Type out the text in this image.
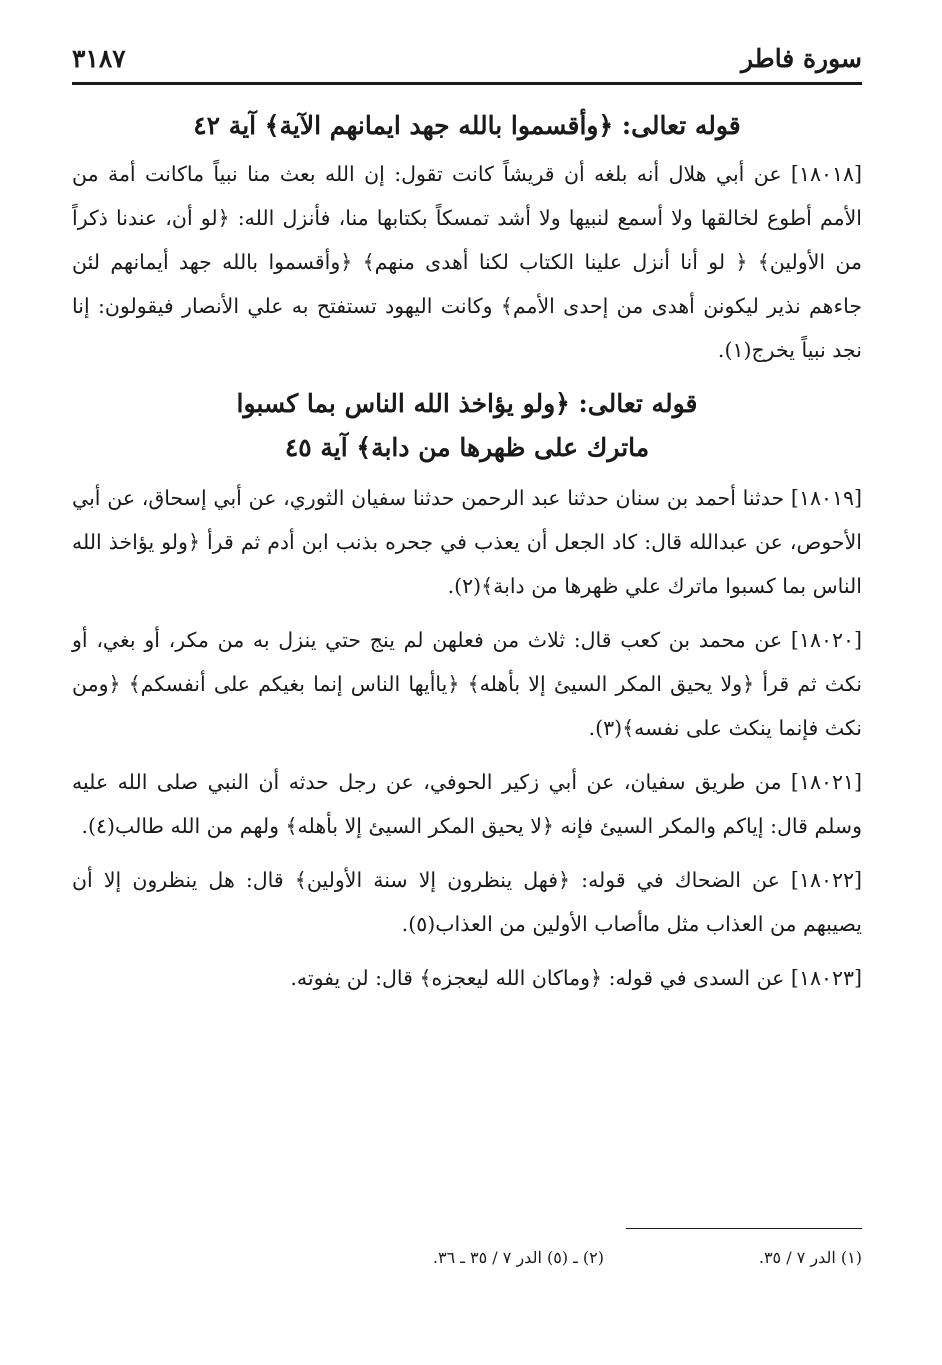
سورة فاطر
٣١٨٧
قوله تعالى: ﴿وأقسموا بالله جهد ايمانهم الآية﴾ آية ٤٢

[١٨٠١٨] عن أبي هلال أنه بلغه أن قريشاً كانت تقول: إن الله بعث منا نبياً ماكانت أمة من الأمم أطوع لخالقها ولا أسمع لنبيها ولا أشد تمسكاً بكتابها منا، فأنزل الله: ﴿لو أن، عندنا ذكراً من الأولين﴾ ﴿ لو أنا أنزل علينا الكتاب لكنا أهدى منهم﴾ ﴿وأقسموا بالله جهد أيمانهم لئن جاءهم نذير ليكونن أهدى من إحدى الأمم﴾ وكانت اليهود تستفتح به علي الأنصار فيقولون: إنا نجد نبياً يخرج(١).

قوله تعالى: ﴿ولو يؤاخذ الله الناس بما كسبوا
ماترك على ظهرها من دابة﴾ آية ٤٥

[١٨٠١٩] حدثنا أحمد بن سنان حدثنا عبد الرحمن حدثنا سفيان الثوري، عن أبي إسحاق، عن أبي الأحوص، عن عبدالله قال: كاد الجعل أن يعذب في جحره بذنب ابن أدم ثم قرأ ﴿ولو يؤاخذ الله الناس بما كسبوا ماترك علي ظهرها من دابة﴾(٢).

[١٨٠٢٠] عن محمد بن كعب قال: ثلاث من فعلهن لم ينج حتي ينزل به من مكر، أو بغي، أو نكث ثم قرأ ﴿ولا يحيق المكر السيئ إلا بأهله﴾ ﴿ياأيها الناس إنما بغيكم على أنفسكم﴾ ﴿ومن نكث فإنما ينكث على نفسه﴾(٣).

[١٨٠٢١] من طريق سفيان، عن أبي زكير الحوفي، عن رجل حدثه أن النبي صلى الله عليه وسلم قال: إياكم والمكر السيئ فإنه ﴿لا يحيق المكر السيئ إلا بأهله﴾ ولهم من الله طالب(٤).

[١٨٠٢٢] عن الضحاك في قوله: ﴿فهل ينظرون إلا سنة الأولين﴾ قال: هل ينظرون إلا أن يصيبهم من العذاب مثل ماأصاب الأولين من العذاب(٥).

[١٨٠٢٣] عن السدى في قوله: ﴿وماكان الله ليعجزه﴾ قال: لن يفوته.

(١) الدر ٧ / ٣٥.
(٢) ـ (٥) الدر ٧ / ٣٥ ـ ٣٦.
